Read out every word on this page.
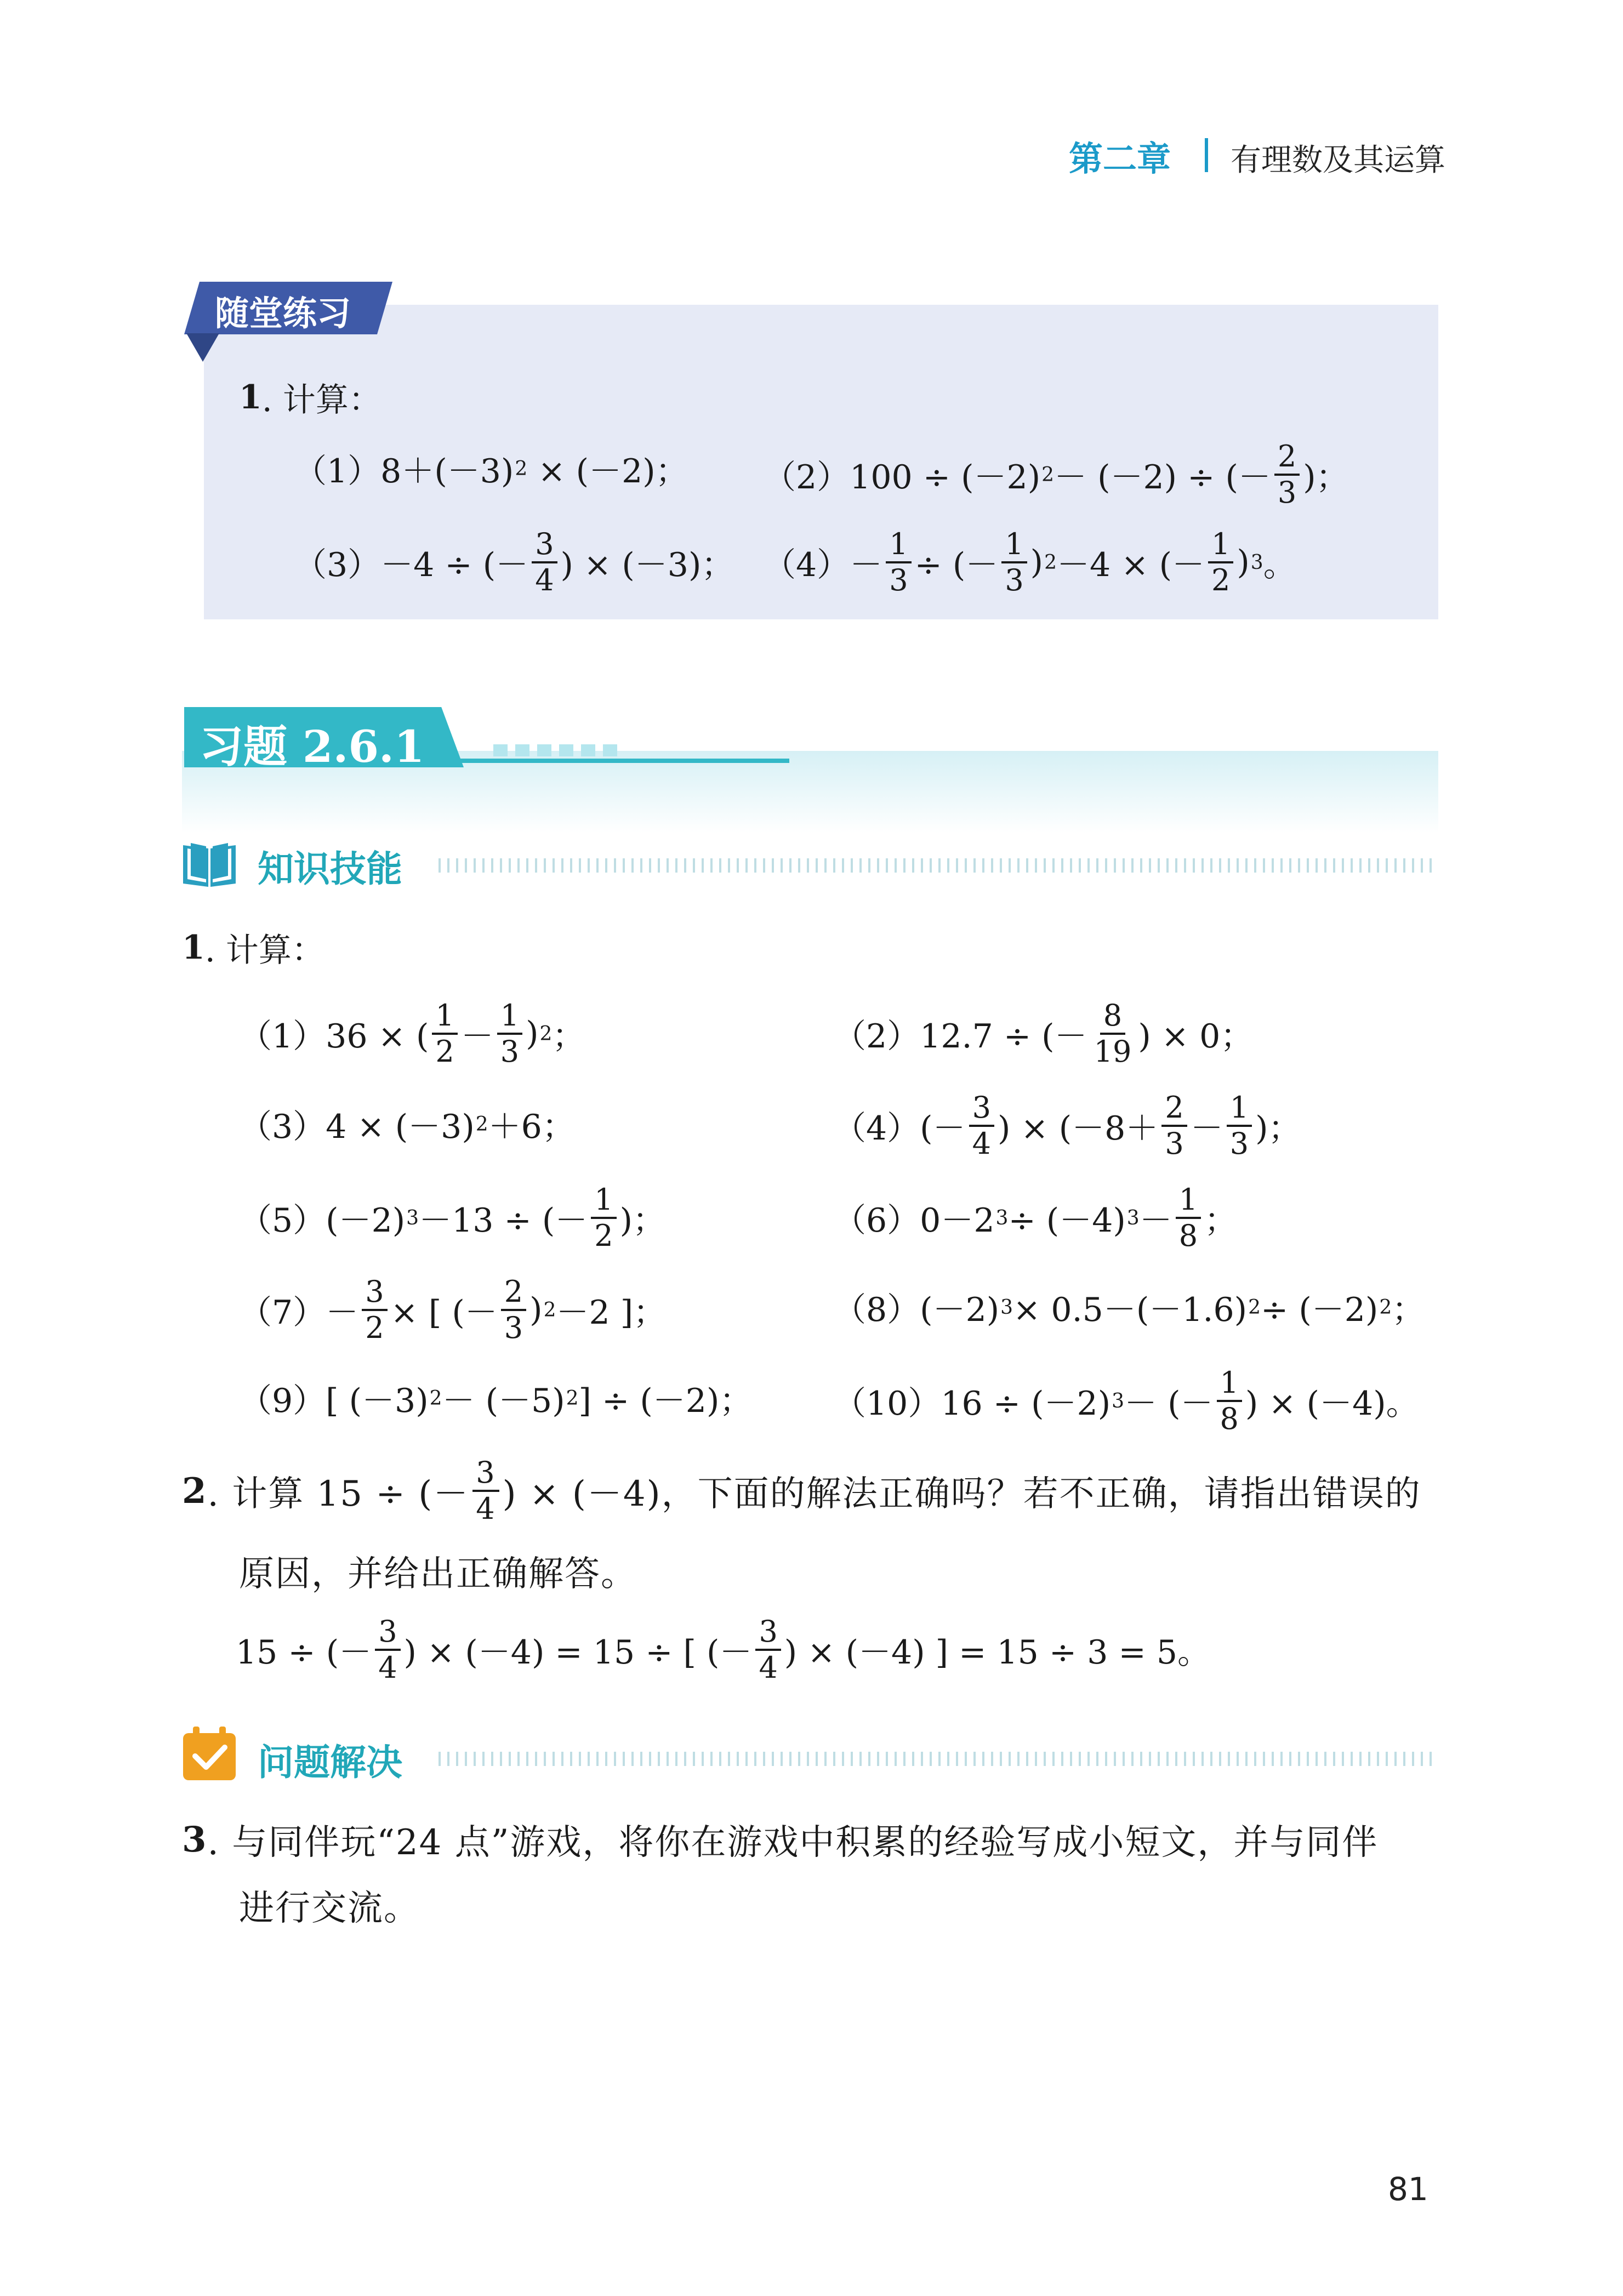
第二章 有理数及其运算
随堂练习
1 . 计算：
（1）8＋(－3) 2 × (－2)； （2）100 ÷ (－2) 2 － (－2) ÷ (－ $\frac{2}{3}$ )；
（3）－4 ÷ (－ $\frac{3}{4}$ ) × (－3)； $(4)- \frac{1}{3}$ ÷ (－ $\frac{1}{3}$ ) 2 －4 × (－ $\frac{1}{2}$ ) 3 。
习题 2.6.1
知识技能
1 . 计算：
（1）36 × ( $\frac{1}{2} - \frac{1}{3}$ ) 2 ；	（2）12.7 ÷ (－ $\frac{8}{19}$ ) × 0；
（3）4 × (－3) 2 ＋6；	$(4)(- \frac{3}{4}$ ) × ($-8+ \frac{2}{3} - \frac{1}{3}$ )；
（5）(－2) 3 －13 ÷ (－ $\frac{1}{2}$ )；	（6）0－2 3 ÷ (－4) $3 - \frac{1}{8}$ ；
$(7)- \frac{3}{2}$ × [ (－ $\frac{2}{3}$ ) 2 －2 ]；	（8）(－2) 3 × 0.5－(－1.6) 2 ÷ (－2) 2 ；
（9）[ (－3) 2 － (－5) 2 ] ÷ (－2)； （10）16 ÷ (－2) 3 － (－ $\frac{1}{8}$ ) × (－4)。
2 . 计算 15 ÷ (－ $\frac{3}{4}$ ) × (－4)，下面的解法正确吗？若不正确，请指出错误的
原因，并给出正确解答。
15 ÷ (－ $\frac{3}{4}$ ) × (－4) = 15 ÷ [ (－ $\frac{3}{4}$ ) × (－4) ] = 15 ÷ 3 = 5。
问题解决
3 . 与同伴玩“24 点”游戏，将你在游戏中积累的经验写成小短文，并与同伴
进行交流。
81
